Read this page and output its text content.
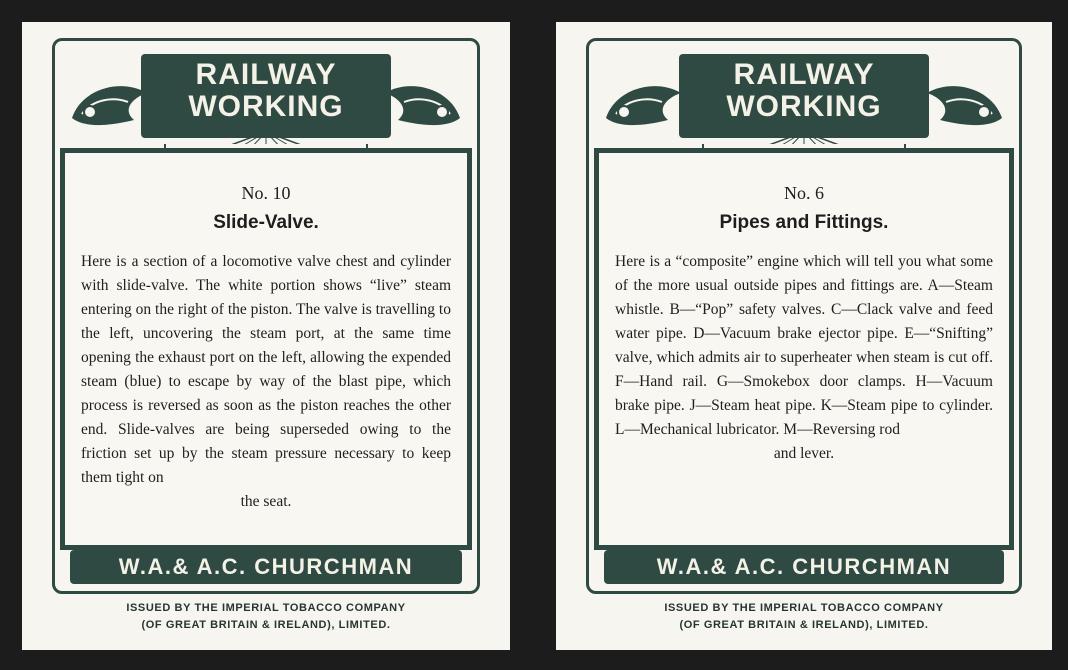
RAILWAY
WORKING
No. 10
Slide-Valve.
Here is a section of a locomotive valve chest and cylinder with slide-valve. The white portion shows “live” steam entering on the right of the piston. The valve is travelling to the left, uncovering the steam port, at the same time opening the exhaust port on the left, allowing the expended steam (blue) to escape by way of the blast pipe, which process is reversed as soon as the piston reaches the other end. Slide-valves are being superseded owing to the friction set up by the steam pressure necessary to keep them tight on
the seat.
W.A.& A.C. CHURCHMAN
ISSUED BY THE IMPERIAL TOBACCO COMPANY
(OF GREAT BRITAIN & IRELAND), LIMITED.
RAILWAY
WORKING
No. 6
Pipes and Fittings.
Here is a “composite” engine which will tell you what some of the more usual outside pipes and fittings are. A—Steam whistle. B—“Pop” safety valves. C—Clack valve and feed water pipe. D—Vacuum brake ejector pipe. E—“Snifting” valve, which admits air to superheater when steam is cut off. F—Hand rail. G—Smokebox door clamps. H—Vacuum brake pipe. J—Steam heat pipe. K—Steam pipe to cylinder. L—Mechanical lubricator. M—Reversing rod
and lever.
W.A.& A.C. CHURCHMAN
ISSUED BY THE IMPERIAL TOBACCO COMPANY
(OF GREAT BRITAIN & IRELAND), LIMITED.
